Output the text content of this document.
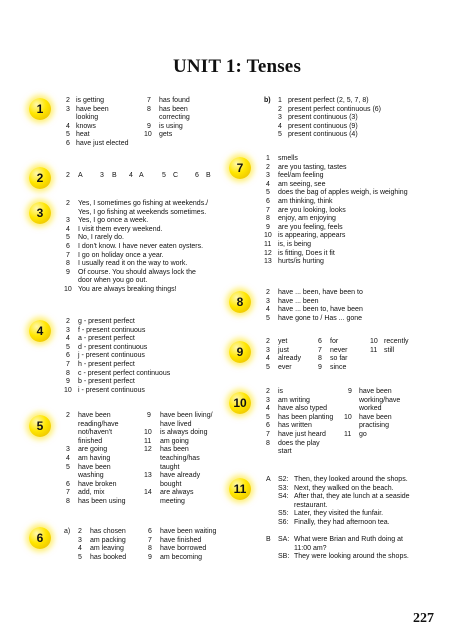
UNIT 1: Tenses
1
2
3
4
5
6
7
8
9
10
11
2 is getting	7 has found
3 have been	8 has been
looking	correcting
4 knows	9 is using
5 heat	10 gets
6 have just elected
2 A 3 B 4 A	5 C 6 B
2 Yes, I sometimes go fishing at weekends./
Yes, I go fishing at weekends sometimes.
3 Yes, I go once a week.
4 I visit them every weekend.
5 No, I rarely do.
6 I don't know. I have never eaten oysters.
7 I go on holiday once a year.
8 I usually read it on the way to work.
9 Of course. You should always lock the
door when you go out.
10 You are always breaking things!
2 g - present perfect
3 f - present continuous
4 a - present perfect
5 d - present continuous
6 j - present continuous
7 h - present perfect
8 c - present perfect continuous
9 b - present perfect
10 i - present continuous
2 have been	9 have been living/
reading/have	have lived
not/haven't	10 is always doing
finished	11 am going
3 are going	12 has been
4 am having	teaching/has
5 have been	taught
washing	13 have already
6 have broken	bought
7 add, mix	14 are always
8 has been using	meeting
a) 2 has chosen	6 have been waiting
3 am packing	7 have finished
4 am leaving	8 have borrowed
5 has booked	9 am becoming
b) 1 present perfect (2, 5, 7, 8)
2 present perfect continuous (6)
3 present continuous (3)
4 present continuous (9)
5 present continuous (4)
1 smells
2 are you tasting, tastes
3 feel/am feeling
4 am seeing, see
5 does the bag of apples weigh, is weighing
6 am thinking, think
7 are you looking, looks
8 enjoy, am enjoying
9 are you feeling, feels
10 is appearing, appears
11 is, is being
12 is fitting, Does it fit
13 hurts/is hurting
2 have ... been, have been to
3 have ... been
4 have ... been to, have been
5 have gone to / Has ... gone
2 yet	6 for	10 recently
3 just	7 never	11 still
4 already 8 so far
5 ever	9 since
2 is	9 have been
3 am writing	working/have
4 have also typed	worked
5 has been planting 10 have been
6 has written	practising
7 have just heard	11 go
8 does the play
start
A S2: Then, they looked around the shops.
S3: Next, they walked on the beach.
S4: After that, they ate lunch at a seaside
restaurant.
S5: Later, they visited the funfair.
S6: Finally, they had afternoon tea.
B SA: What were Brian and Ruth doing at
11:00 am?
SB: They were looking around the shops.
227
